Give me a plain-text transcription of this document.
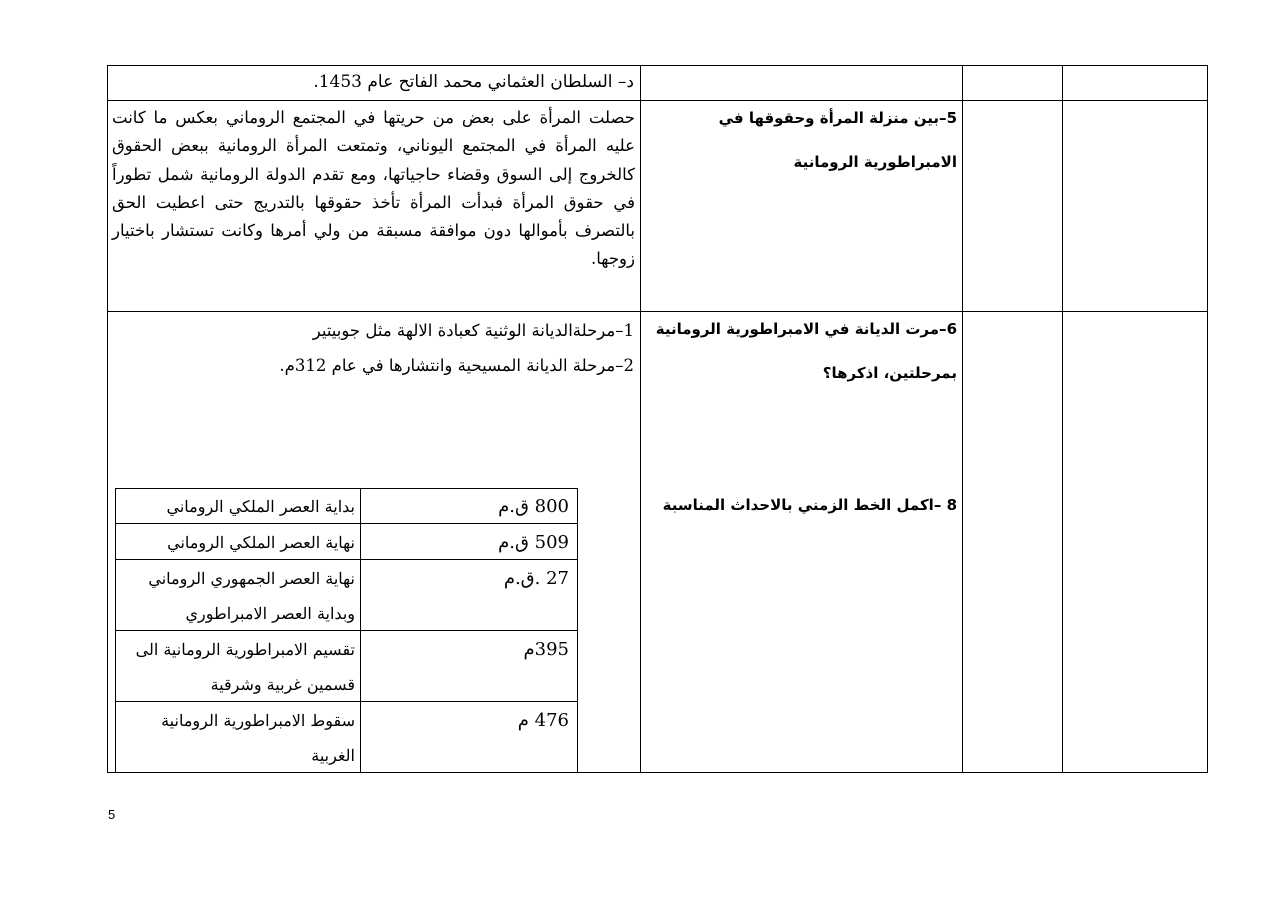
د– السلطان العثماني محمد الفاتح عام 1453.
5–بين منزلة المرأة وحقوقها في الامبراطورية الرومانية
حصلت المرأة على بعض من حريتها في المجتمع الروماني بعكس ما كانت عليه المرأة في المجتمع اليوناني، وتمتعت المرأة الرومانية ببعض الحقوق كالخروج إلى السوق وقضاء حاجياتها، ومع تقدم الدولة الرومانية شمل تطوراً في حقوق المرأة فبدأت المرأة تأخذ حقوقها بالتدريج حتى اعطيت الحق بالتصرف بأموالها دون موافقة مسبقة من ولي أمرها وكانت تستشار باختيار زوجها.
6–مرت الديانة في الامبراطورية الرومانية بمرحلتين، اذكرها؟
1–مرحلةالديانة الوثنية كعبادة الالهة مثل جوبيتير
2–مرحلة الديانة المسيحية وانتشارها في عام 312م.
8 –اكمل الخط الزمني بالاحداث المناسبة
800 ق.م
بداية العصر الملكي الروماني
509 ق.م
نهاية العصر الملكي الروماني
27 .ق.م
نهاية العصر الجمهوري الروماني وبداية العصر الامبراطوري
395م
تقسيم الامبراطورية الرومانية الى قسمين غربية وشرقية
476 م
سقوط الامبراطورية الرومانية الغربية
5
